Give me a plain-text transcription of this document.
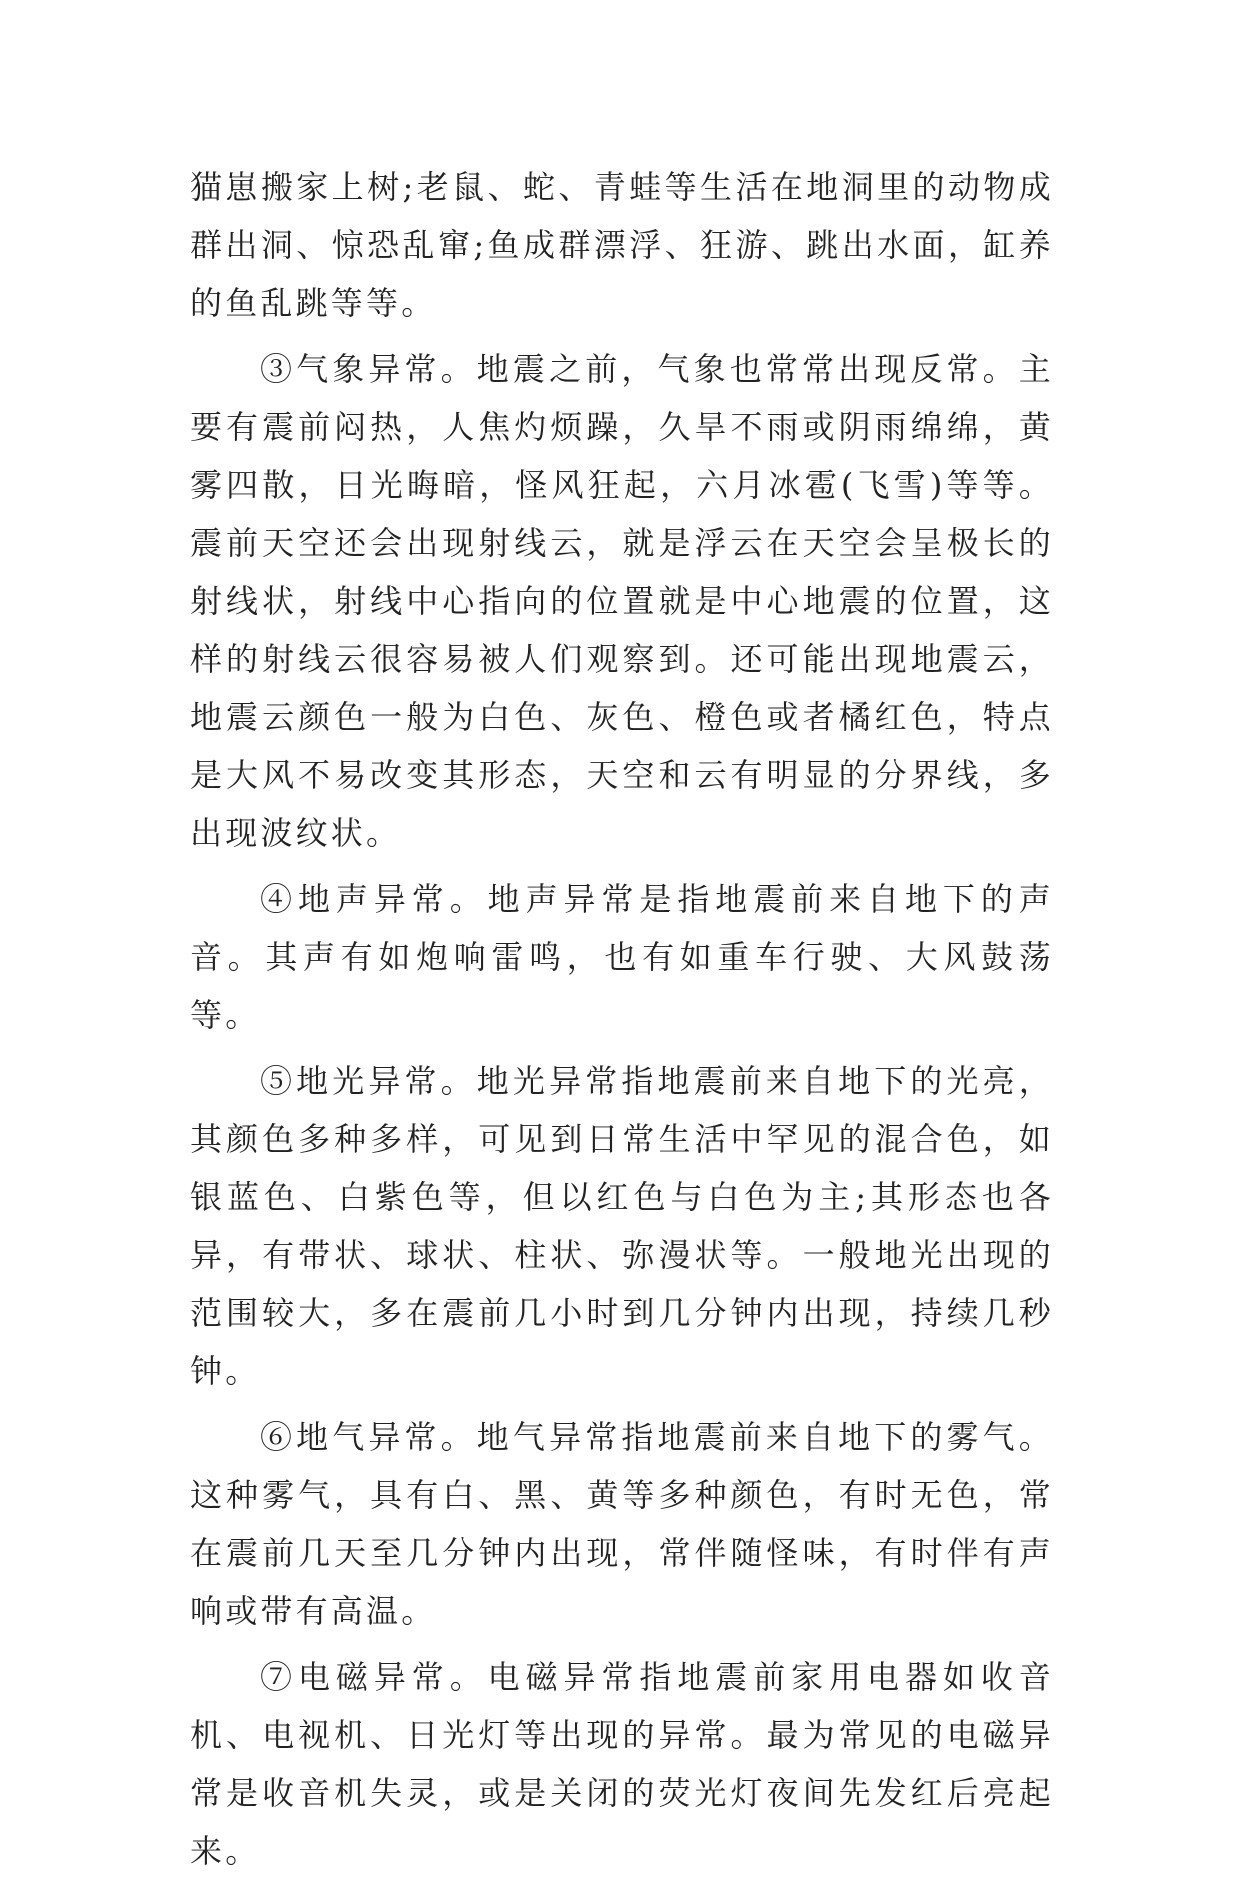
猫崽搬家上树;老鼠、蛇、青蛙等生活在地洞里的动物成群出洞、惊恐乱窜;鱼成群漂浮、狂游、跳出水面，缸养的鱼乱跳等等。

③气象异常。地震之前，气象也常常出现反常。主要有震前闷热，人焦灼烦躁，久旱不雨或阴雨绵绵，黄雾四散，日光晦暗，怪风狂起，六月冰雹(飞雪)等等。震前天空还会出现射线云，就是浮云在天空会呈极长的射线状，射线中心指向的位置就是中心地震的位置，这样的射线云很容易被人们观察到。还可能出现地震云，地震云颜色一般为白色、灰色、橙色或者橘红色，特点是大风不易改变其形态，天空和云有明显的分界线，多出现波纹状。

④地声异常。地声异常是指地震前来自地下的声音。其声有如炮响雷鸣，也有如重车行驶、大风鼓荡等。

⑤地光异常。地光异常指地震前来自地下的光亮，其颜色多种多样，可见到日常生活中罕见的混合色，如银蓝色、白紫色等，但以红色与白色为主;其形态也各异，有带状、球状、柱状、弥漫状等。一般地光出现的范围较大，多在震前几小时到几分钟内出现，持续几秒钟。

⑥地气异常。地气异常指地震前来自地下的雾气。这种雾气，具有白、黑、黄等多种颜色，有时无色，常在震前几天至几分钟内出现，常伴随怪味，有时伴有声响或带有高温。

⑦电磁异常。电磁异常指地震前家用电器如收音机、电视机、日光灯等出现的异常。最为常见的电磁异常是收音机失灵，或是关闭的荧光灯夜间先发红后亮起来。
